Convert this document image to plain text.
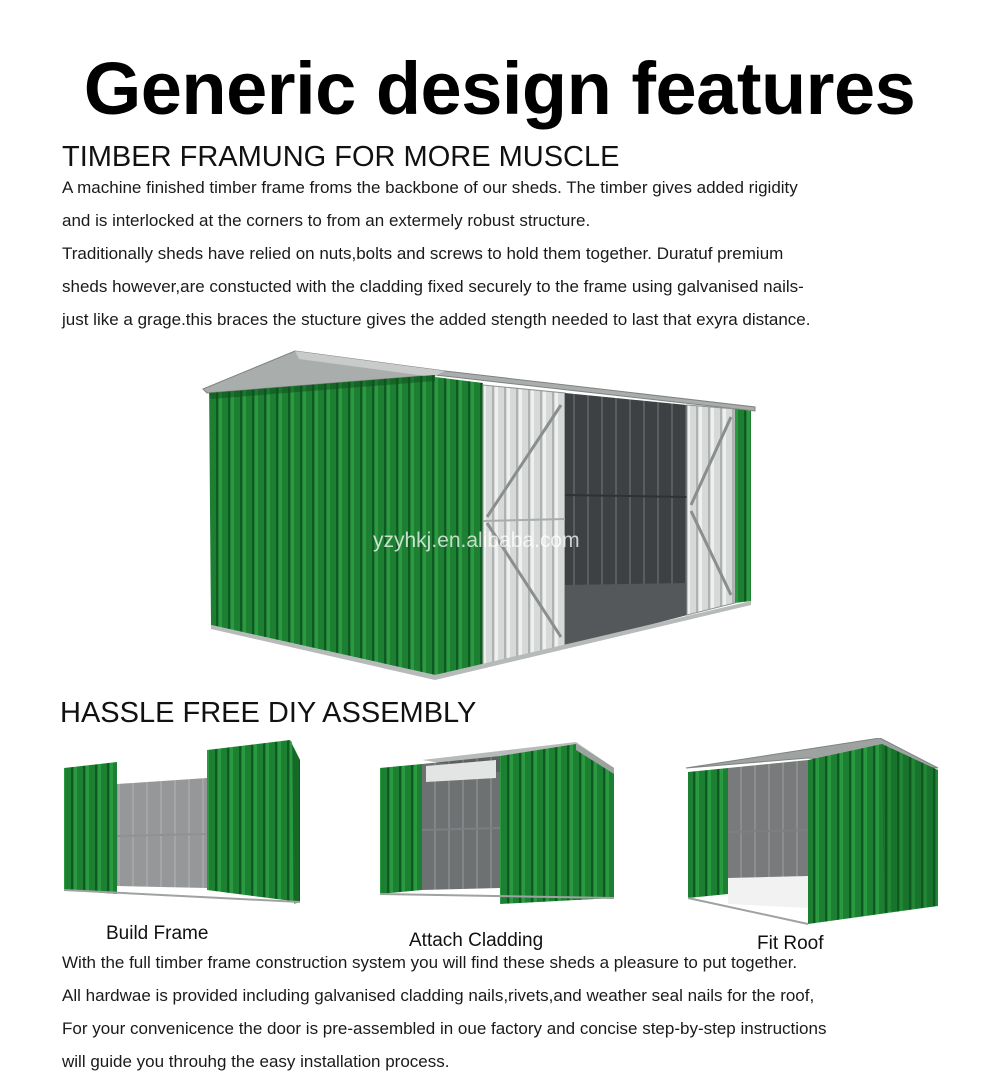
Generic design features
TIMBER FRAMUNG FOR MORE MUSCLE
A machine finished timber frame froms the backbone of our sheds. The timber gives added rigidity
and is interlocked at the corners to from an extermely robust structure.
Traditionally sheds have relied on nuts,bolts and screws to hold them together. Duratuf premium
sheds however,are constucted with the cladding fixed securely to the frame using galvanised nails-
just like a grage.this braces the stucture gives the added stength needed to last that exyra distance.
yzyhkj.en.alibaba.com
HASSLE FREE DIY ASSEMBLY
Build Frame	Attach Cladding	Fit Roof
With the full timber frame construction system you will find these sheds a pleasure to put together.
All hardwae is provided including galvanised cladding nails,rivets,and weather seal nails for the roof,
For your convenicence the door is pre-assembled in oue factory and concise step-by-step instructions
will guide you throuhg the easy installation process.
